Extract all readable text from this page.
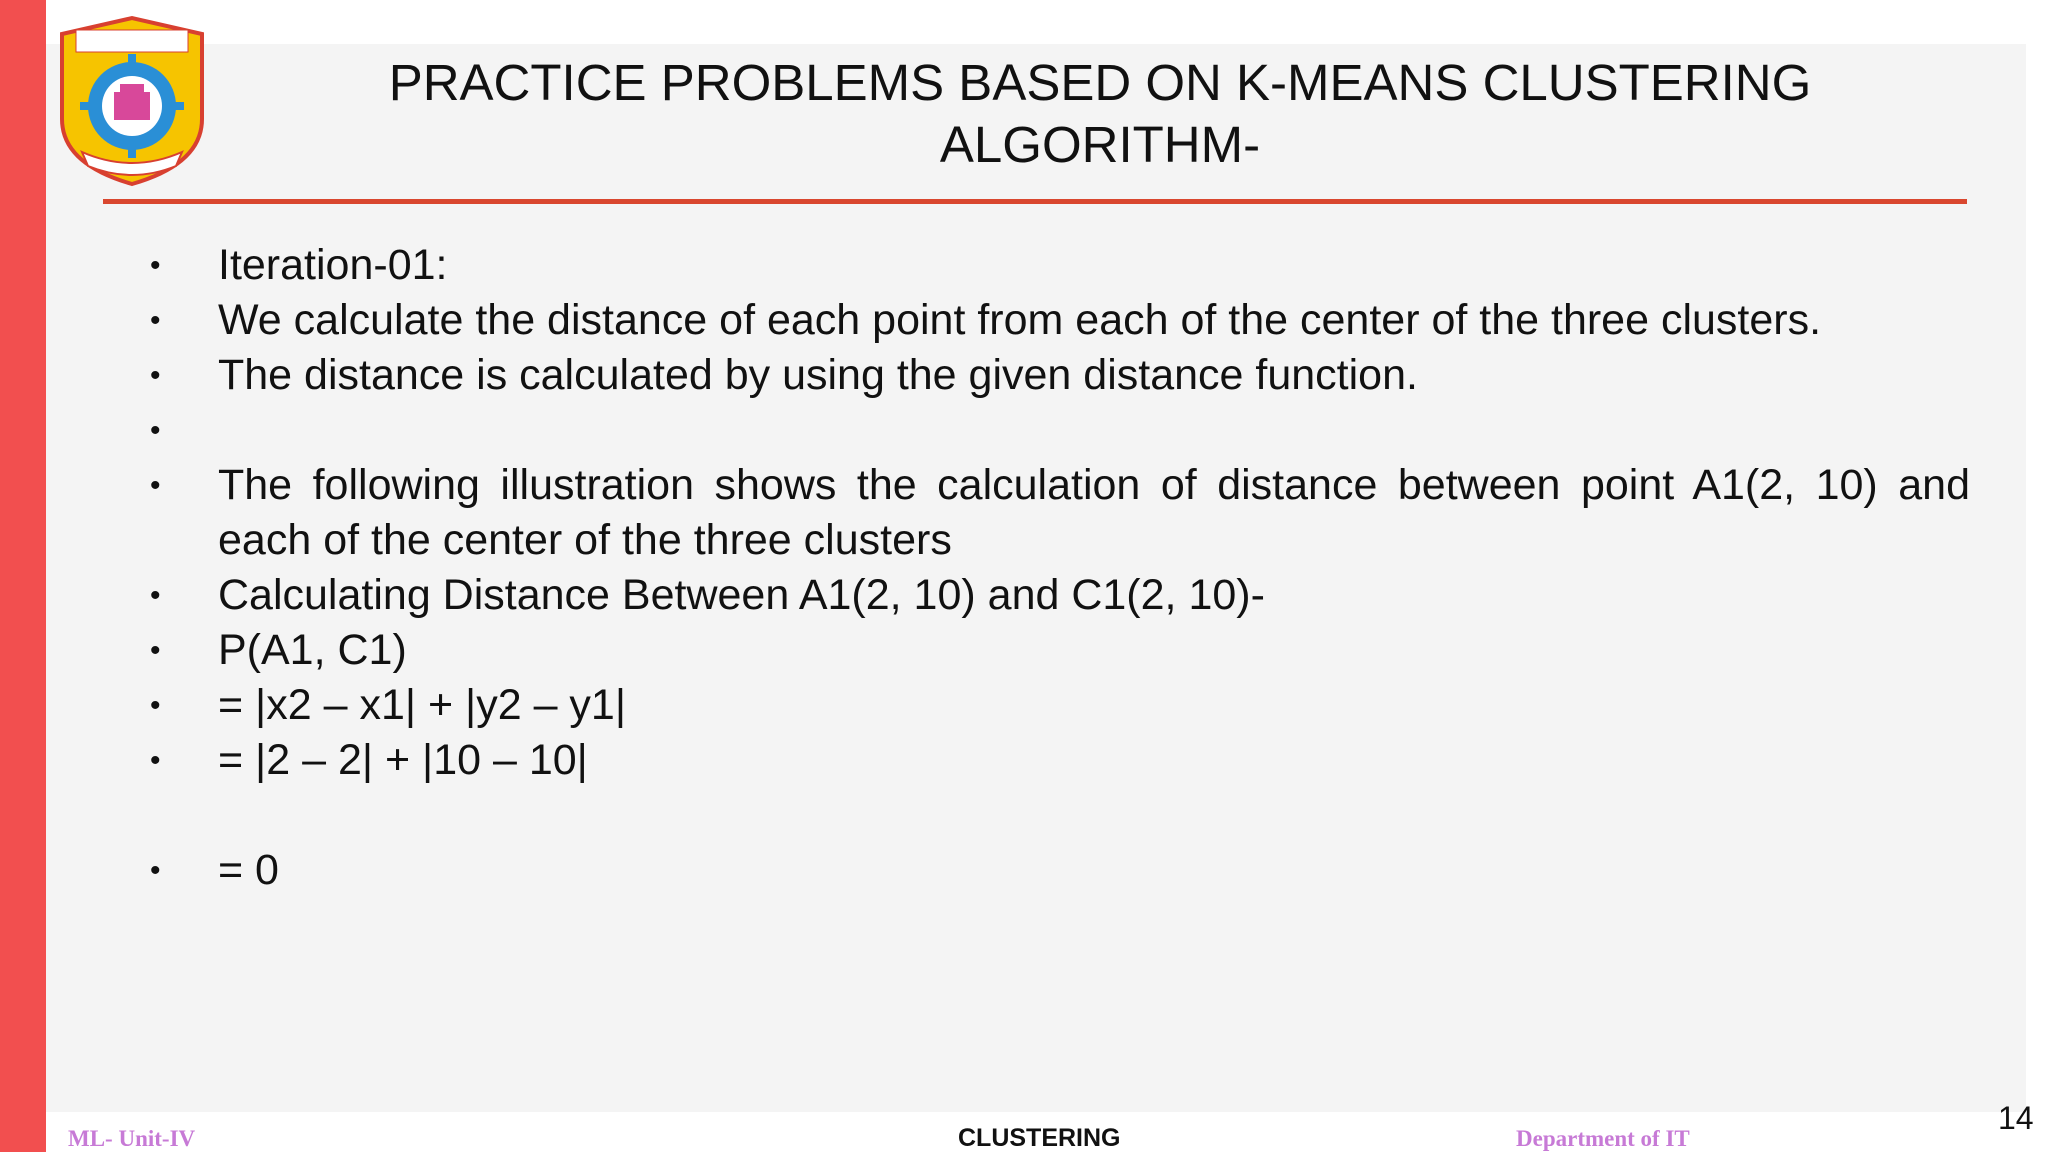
PRACTICE PROBLEMS BASED ON K-MEANS CLUSTERING
ALGORITHM-
• Iteration-01:
• We calculate the distance of each point from each of the center of the three clusters.
• The distance is calculated by using the given distance function.
•
• The following illustration shows the calculation of distance between point A1(2, 10) and each of the center of the three clusters
• Calculating Distance Between A1(2, 10) and C1(2, 10)-
• P(A1, C1)
• = |x2 – x1| + |y2 – y1|
• = |2 – 2| + |10 – 10|
• = 0
ML- Unit-IV	CLUSTERING	Department of IT
14
